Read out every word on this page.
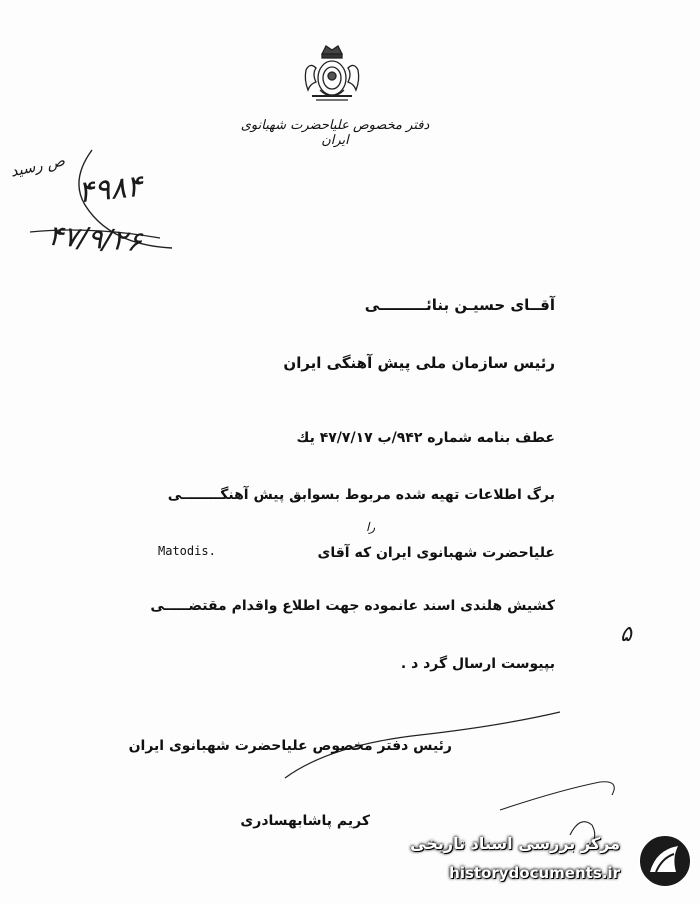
دفتر مخصوص علیاحضرت شهبانوی ایران
ص رسید
۴۹۸۴
۴۷/۹/۲۶
آقــای حسیـن بنائـــــــــی
رئیس سازمان ملی پیش آهنگی ایران
عطف بنامه شماره ۹۴۲/ب ۴۷/۷/۱۷ یك
برگ اطلاعات تهیه شده مربوط بسوابق پیش آهنگــــــــی
را
علیاحضرت شهبانوی ایران که آقای
Matodis.
کشیش هلندی اسند عانموده جهت اطلاع واقدام مقتضـــــی
بپیوست ارسال گرد د .
۵
رئیس دفتر مخصوص علیاحضرت شهبانوی ایران
کریم پاشابهسادری
مرکز بررسی اسناد تاریخی
historydocuments.ir
